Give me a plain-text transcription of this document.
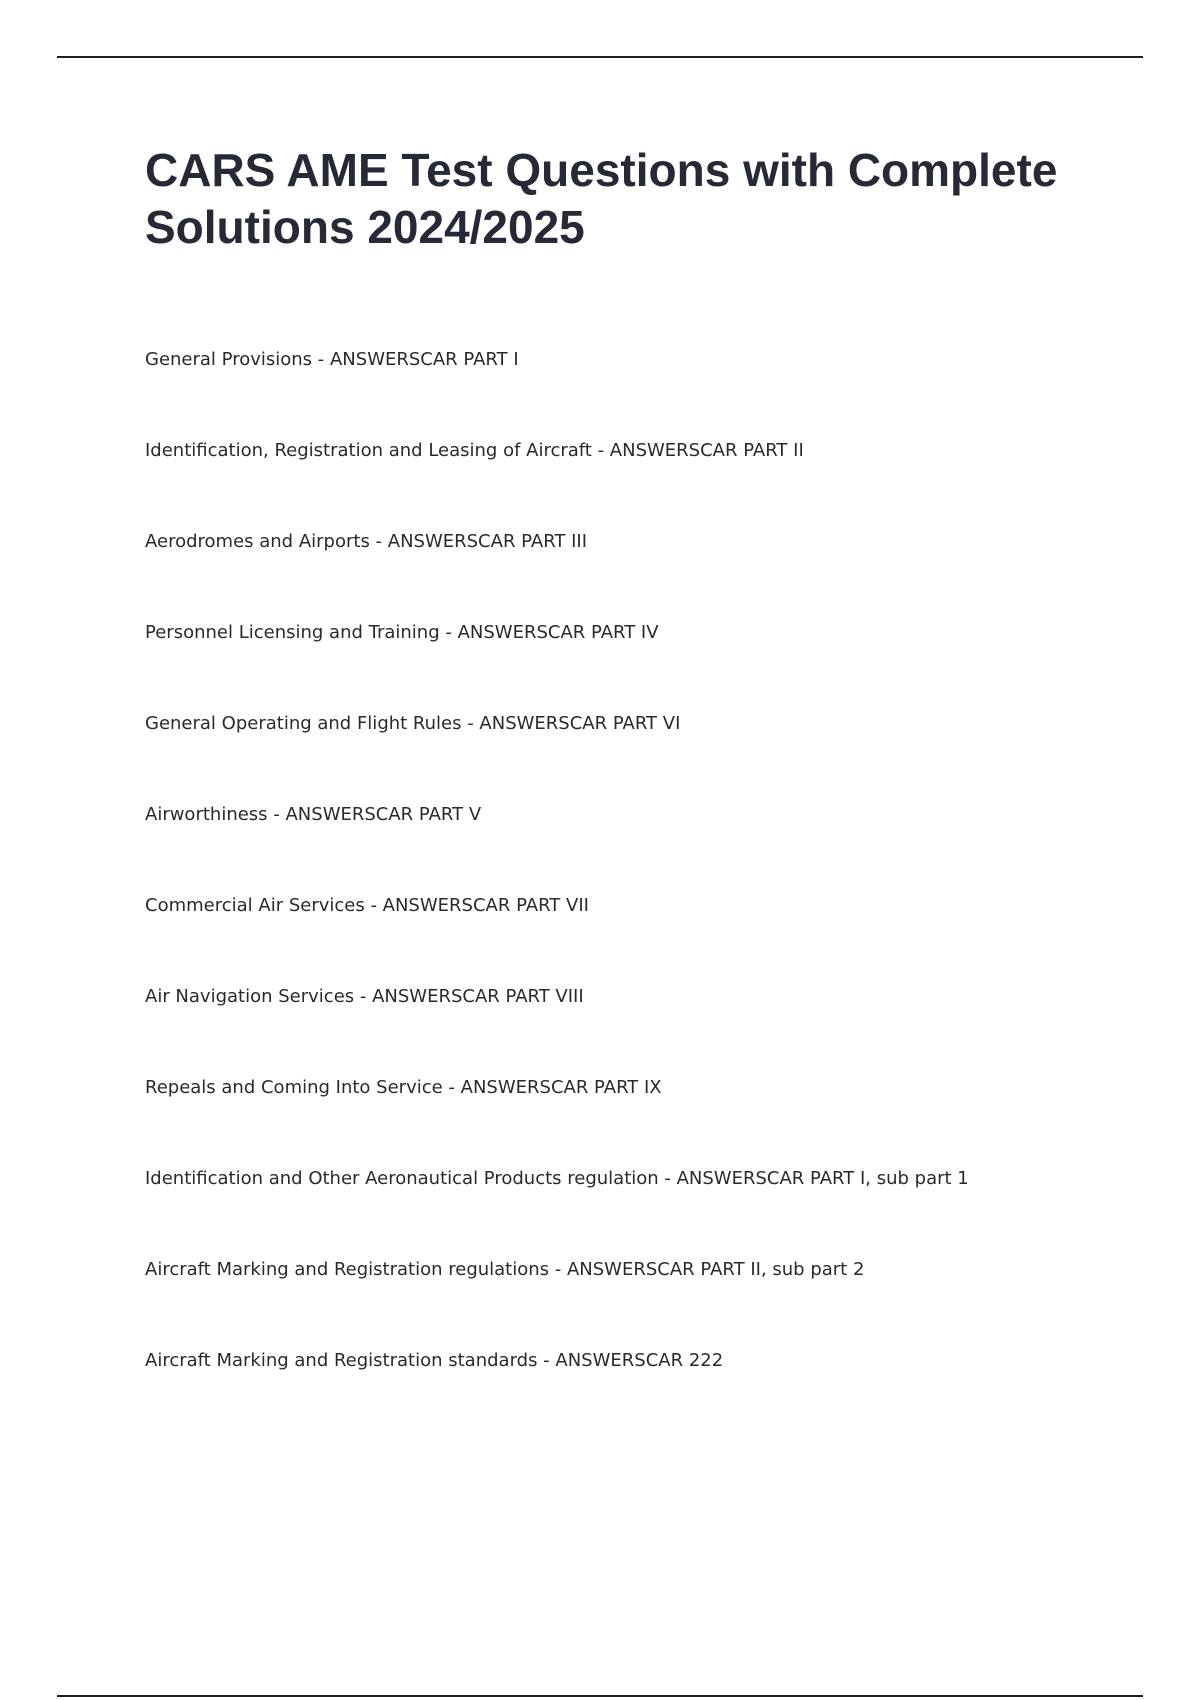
CARS AME Test Questions with Complete Solutions 2024/2025
General Provisions - ANSWERSCAR PART I
Identification, Registration and Leasing of Aircraft - ANSWERSCAR PART II
Aerodromes and Airports - ANSWERSCAR PART III
Personnel Licensing and Training - ANSWERSCAR PART IV
General Operating and Flight Rules - ANSWERSCAR PART VI
Airworthiness - ANSWERSCAR PART V
Commercial Air Services - ANSWERSCAR PART VII
Air Navigation Services - ANSWERSCAR PART VIII
Repeals and Coming Into Service - ANSWERSCAR PART IX
Identification and Other Aeronautical Products regulation - ANSWERSCAR PART I, sub part 1
Aircraft Marking and Registration regulations - ANSWERSCAR PART II, sub part 2
Aircraft Marking and Registration standards - ANSWERSCAR 222
